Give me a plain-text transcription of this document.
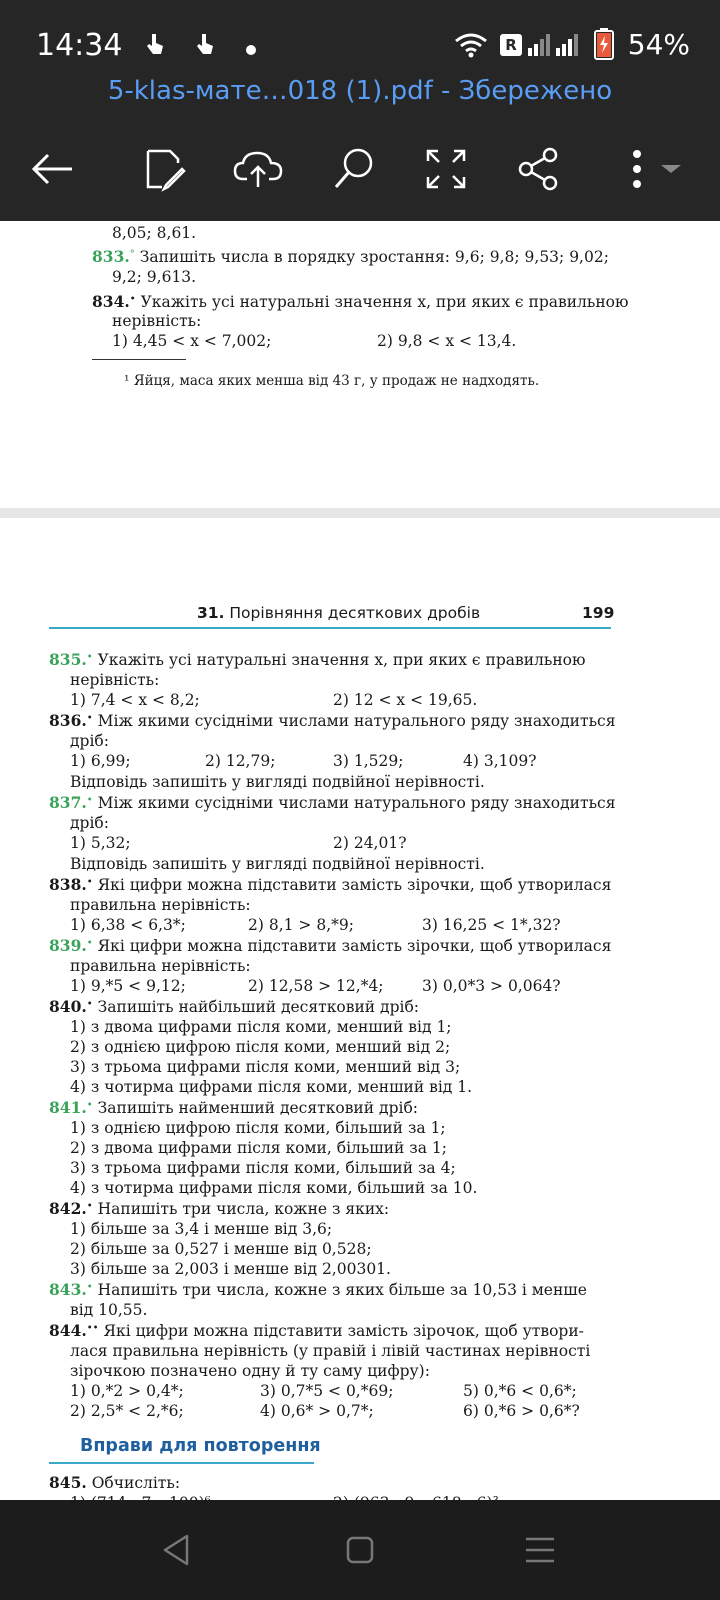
14:34	R	54%
5-klas-мате…018 (1).pdf - Збережено
8,05; 8,61.
833.° Запишіть числа в порядку зростання: 9,6; 9,8; 9,53; 9,02;
9,2; 9,613.
834.• Укажіть усі натуральні значення x, при яких є правильною
нерівність:
1) 4,45 < x < 7,002;	2) 9,8 < x < 13,4.
¹ Яйця, маса яких менша від 43 г, у продаж не надходять.
31. Порівняння десяткових дробів	199
835.• Укажіть усі натуральні значення x, при яких є правильною
нерівність:
1) 7,4 < x < 8,2;	2) 12 < x < 19,65.
836.• Між якими сусідніми числами натурального ряду знаходиться
дріб:
1) 6,99;	2) 12,79;	3) 1,529;	4) 3,109?
Відповідь запишіть у вигляді подвійної нерівності.
837.• Між якими сусідніми числами натурального ряду знаходиться
дріб:
1) 5,32;	2) 24,01?
Відповідь запишіть у вигляді подвійної нерівності.
838.• Які цифри можна підставити замість зірочки, щоб утворилася
правильна нерівність:
1) 6,38 < 6,3*;	2) 8,1 > 8,*9;	3) 16,25 < 1*,32?
839.• Які цифри можна підставити замість зірочки, щоб утворилася
правильна нерівність:
1) 9,*5 < 9,12;	2) 12,58 > 12,*4; 3) 0,0*3 > 0,064?
840.• Запишіть найбільший десятковий дріб:
1) з двома цифрами після коми, менший від 1;
2) з однією цифрою після коми, менший від 2;
3) з трьома цифрами після коми, менший від 3;
4) з чотирма цифрами після коми, менший від 1.
841.• Запишіть найменший десятковий дріб:
1) з однією цифрою після коми, більший за 1;
2) з двома цифрами після коми, більший за 1;
3) з трьома цифрами після коми, більший за 4;
4) з чотирма цифрами після коми, більший за 10.
842.• Напишіть три числа, кожне з яких:
1) більше за 3,4 і менше від 3,6;
2) більше за 0,527 і менше від 0,528;
3) більше за 2,003 і менше від 2,00301.
843.• Напишіть три числа, кожне з яких більше за 10,53 і менше
від 10,55.
844.•• Які цифри можна підставити замість зірочок, щоб утвори-
лася правильна нерівність (у правій і лівій частинах нерівності
зірочкою позначено одну й ту саму цифру):
1) 0,*2 > 0,4*;	3) 0,7*5 < 0,*69;	5) 0,*6 < 0,6*;
2) 2,5* < 2,*6;	4) 0,6* > 0,7*;	6) 0,*6 > 0,6*?
Вправи для повторення
845. Обчисліть:
